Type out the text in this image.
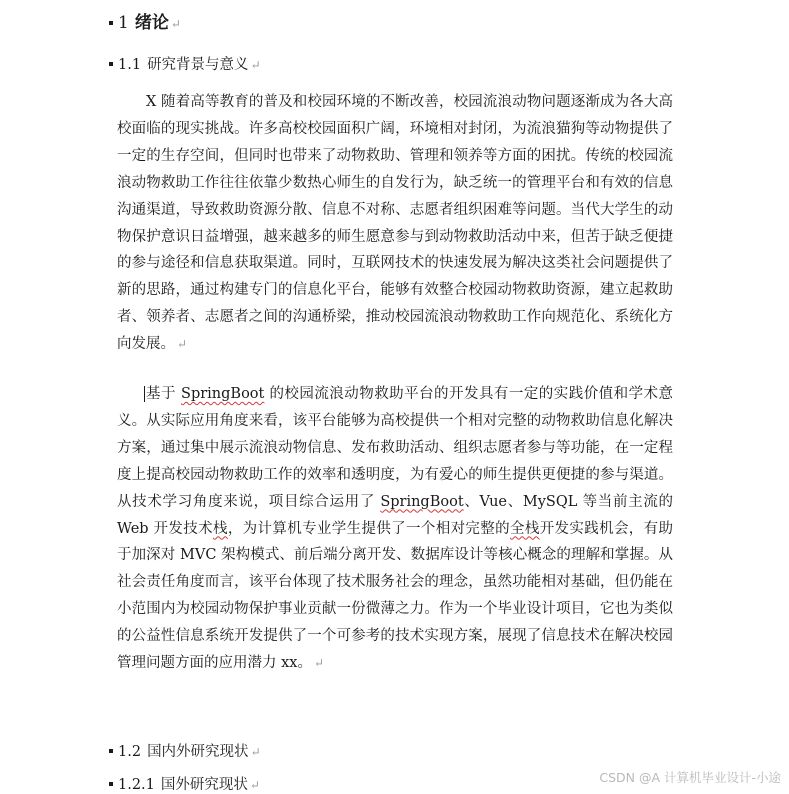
1 绪论 ↵
1.1 研究背景与意义 ↵

X 随着高等教育的普及和校园环境的不断改善，校园流浪动物问题逐渐成为各大高校面临的现实挑战。许多高校校园面积广阔，环境相对封闭，为流浪猫狗等动物提供了一定的生存空间，但同时也带来了动物救助、管理和领养等方面的困扰。传统的校园流浪动物救助工作往往依靠少数热心师生的自发行为，缺乏统一的管理平台和有效的信息沟通渠道，导致救助资源分散、信息不对称、志愿者组织困难等问题。当代大学生的动物保护意识日益增强，越来越多的师生愿意参与到动物救助活动中来，但苦于缺乏便捷的参与途径和信息获取渠道。同时，互联网技术的快速发展为解决这类社会问题提供了新的思路，通过构建专门的信息化平台，能够有效整合校园动物救助资源，建立起救助者、领养者、志愿者之间的沟通桥梁，推动校园流浪动物救助工作向规范化、系统化方向发展。 ↵

基于 SpringBoot 的校园流浪动物救助平台的开发具有一定的实践价值和学术意义。从实际应用角度来看，该平台能够为高校提供一个相对完整的动物救助信息化解决方案，通过集中展示流浪动物信息、发布救助活动、组织志愿者参与等功能，在一定程度上提高校园动物救助工作的效率和透明度，为有爱心的师生提供更便捷的参与渠道。从技术学习角度来说，项目综合运用了 SpringBoot、Vue、MySQL 等当前主流的 Web 开发技术栈，为计算机专业学生提供了一个相对完整的全栈开发实践机会，有助于加深对 MVC 架构模式、前后端分离开发、数据库设计等核心概念的理解和掌握。从社会责任角度而言，该平台体现了技术服务社会的理念，虽然功能相对基础，但仍能在小范围内为校园动物保护事业贡献一份微薄之力。作为一个毕业设计项目，它也为类似的公益性信息系统开发提供了一个可参考的技术实现方案，展现了信息技术在解决校园管理问题方面的应用潜力 xx。 ↵

1.2 国内外研究现状 ↵
1.2.1 国外研究现状 ↵	CSDN @A 计算机毕业设计-小途
